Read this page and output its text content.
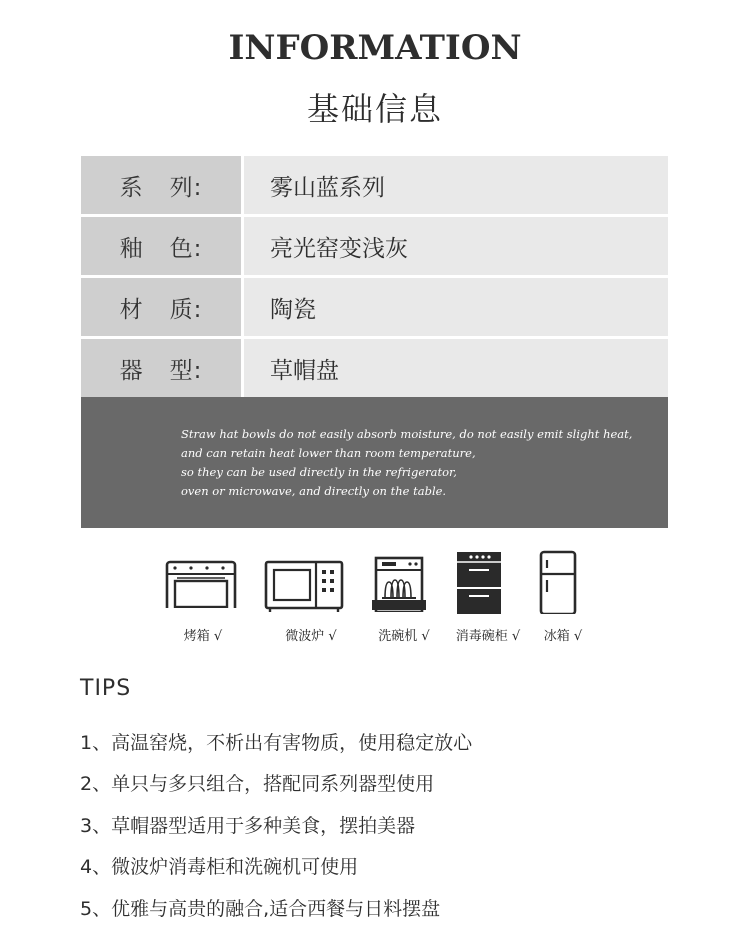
INFORMATION
基础信息
系 列:	雾山蓝系列
釉 色:	亮光窑变浅灰
材 质:	陶瓷
器 型:	草帽盘
Straw hat bowls do not easily absorb moisture, do not easily emit slight heat,
and can retain heat lower than room temperature,
so they can be used directly in the refrigerator,
oven or microwave, and directly on the table.
烤箱 √	微波炉 √	洗碗机 √ 消毒碗柜 √ 冰箱 √
TIPS
1、高温窑烧，不析出有害物质，使用稳定放心
2、单只与多只组合，搭配同系列器型使用
3、草帽器型适用于多种美食，摆拍美器
4、微波炉消毒柜和洗碗机可使用
5、优雅与高贵的融合,适合西餐与日料摆盘
